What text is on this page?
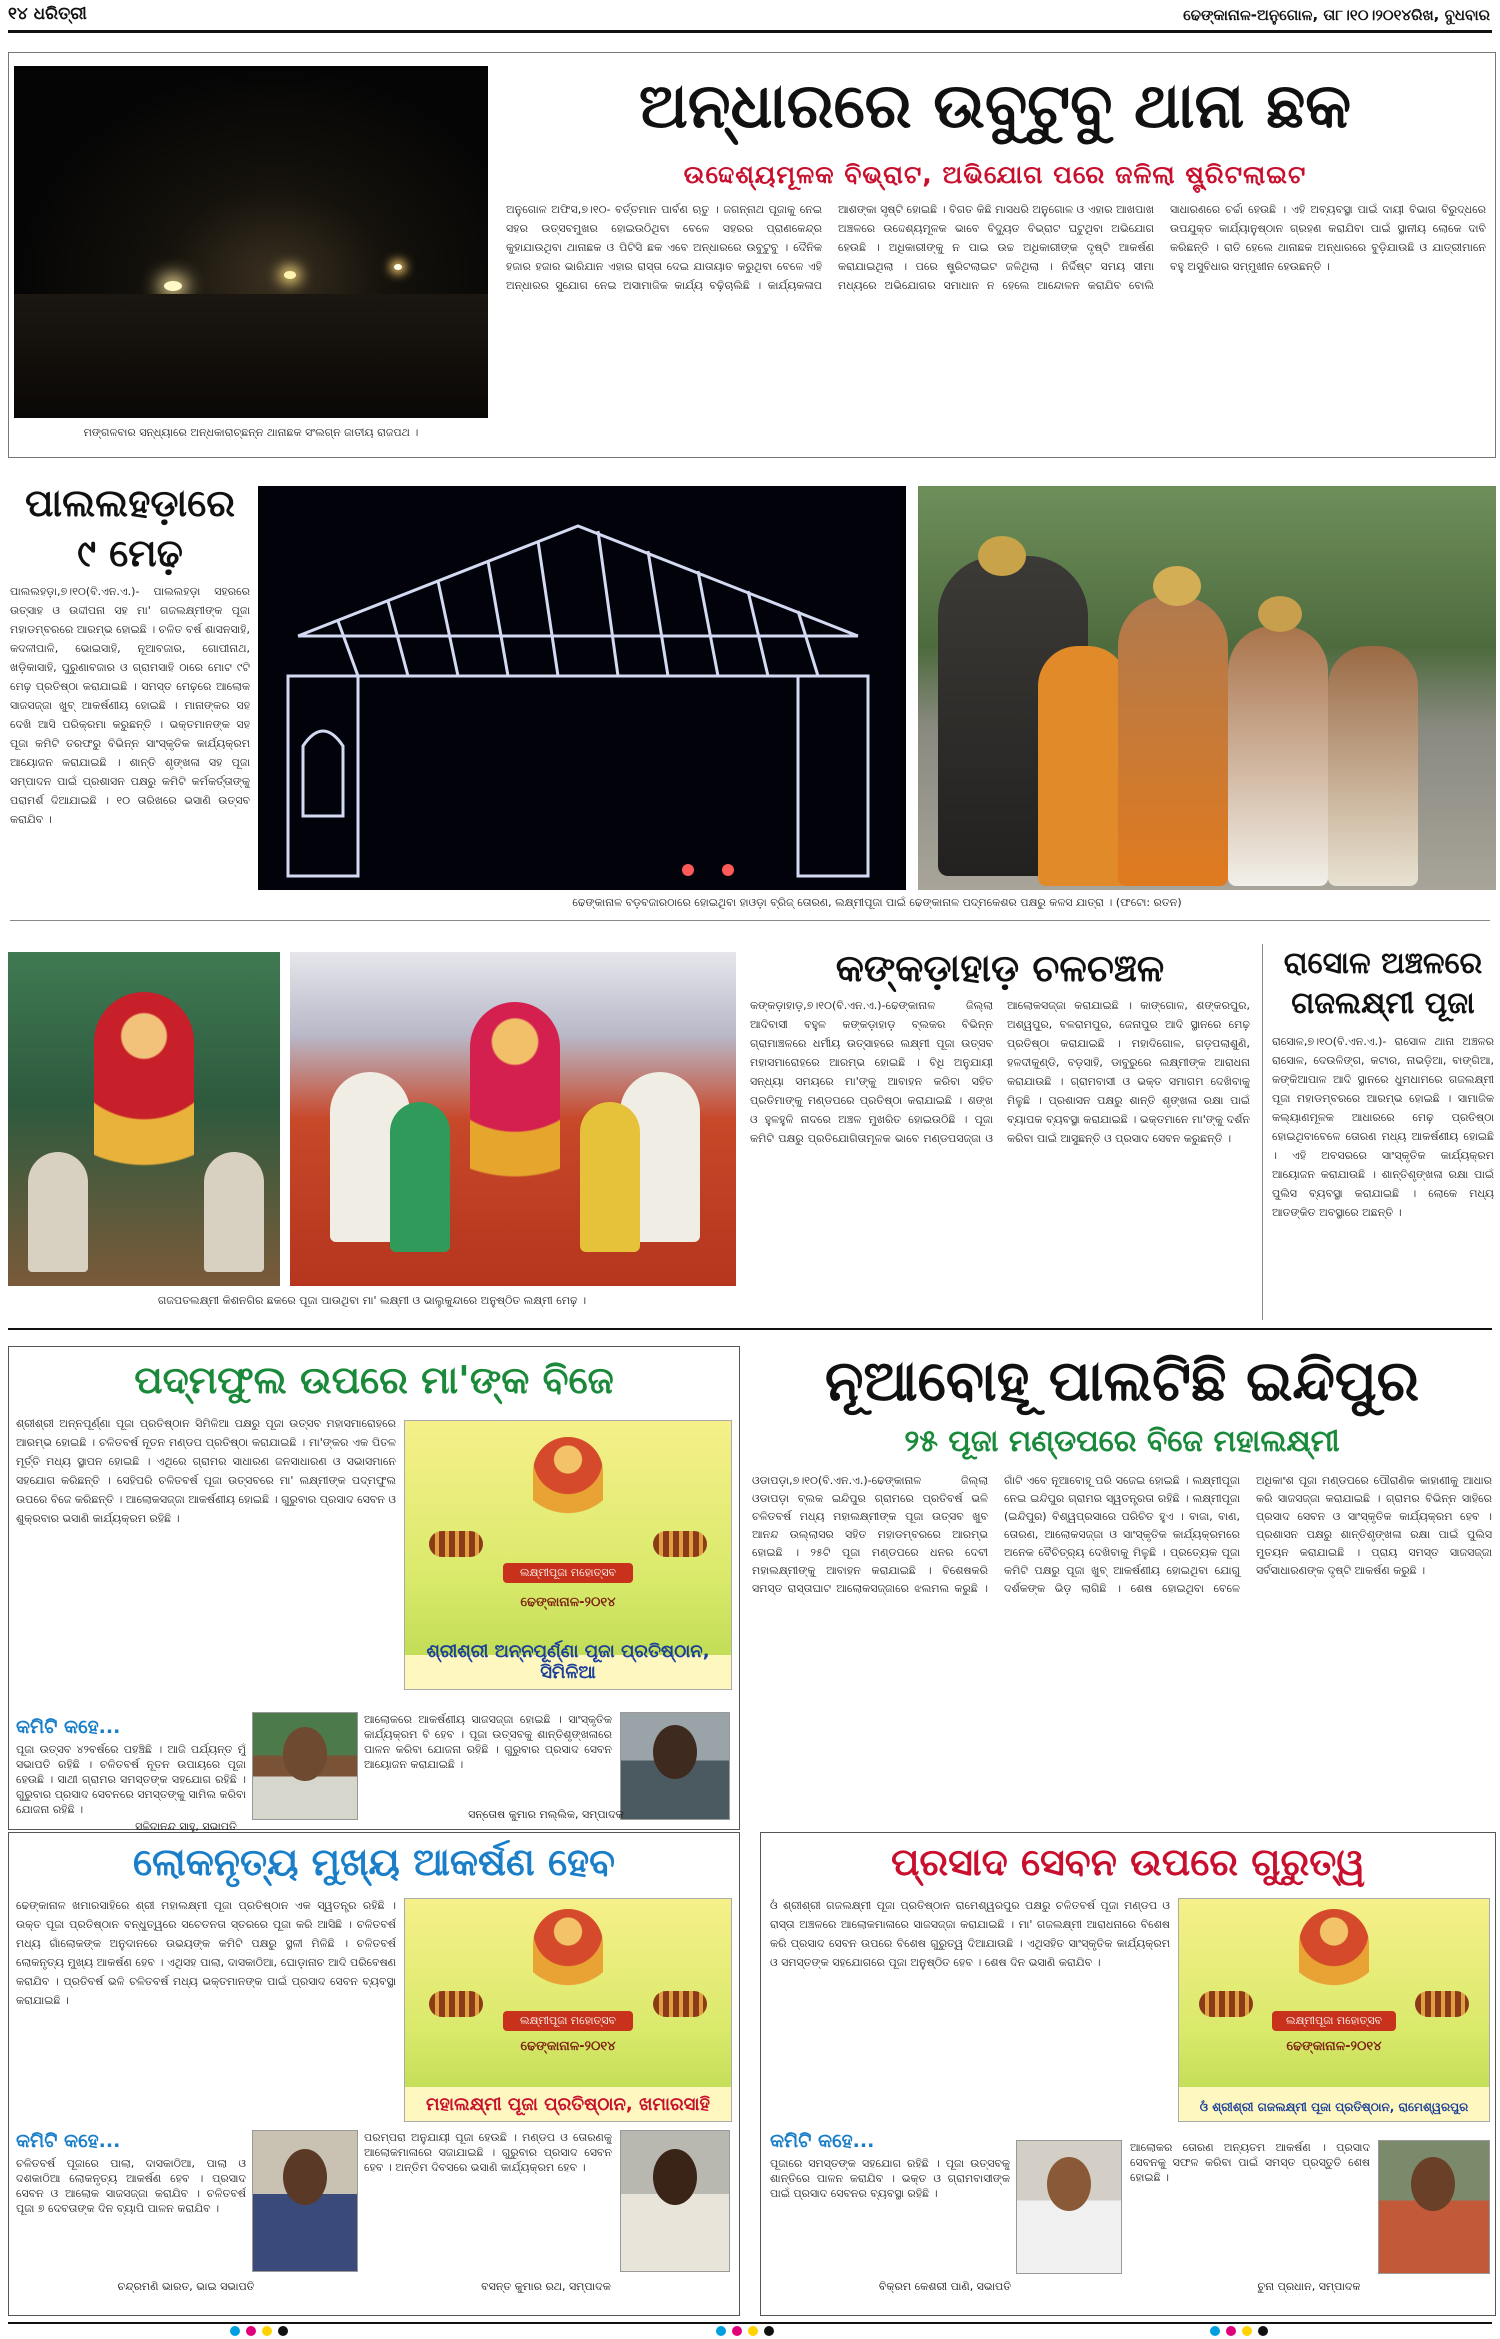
୧୪ ଧରିତ୍ରୀ	ଢେଙ୍କାନାଳ-ଅନୁଗୋଳ, ତା୮।୧୦।୨୦୧୪ରିଖ, ବୁଧବାର
ମଙ୍ଗଳବାର ସନ୍ଧ୍ୟାରେ ଅନ୍ଧକାରାଚ୍ଛନ୍ନ ଥାନାଛକ ସଂଲଗ୍ନ ଜାତୀୟ ରାଜପଥ ।
ଅନ୍ଧାରରେ ଉବୁଟୁବୁ ଥାନା ଛକ
ଉଦ୍ଦେଶ୍ୟମୂଳକ ବିଭ୍ରାଟ, ଅଭିଯୋଗ ପରେ ଜଳିଲା ଷ୍ଟ୍ରିଟଲାଇଟ
ଅନୁଗୋଳ ଅଫିସ,୭।୧୦- ବର୍ତ୍ତମାନ ପାର୍ବଣ ଋତୁ । ଜଗନ୍ନାଥ ପୂଜାକୁ ନେଇ ସହର ଉତ୍ସବମୁଖର ହୋଇଉଠିଥିବା ବେଳେ ସହରର ପ୍ରାଣକେନ୍ଦ୍ର କୁହାଯାଉଥିବା ଥାନାଛକ ଓ ପିଟିସି ଛକ ଏବେ ଅନ୍ଧାରରେ ଉବୁଟୁବୁ । ଦୈନିକ ହଜାର ହଜାର ଭାରିଯାନ ଏହାର ରାସ୍ତା ଦେଇ ଯାତାୟାତ କରୁଥିବା ବେଳେ ଏହି ଅନ୍ଧାରର ସୁଯୋଗ ନେଇ ଅସାମାଜିକ କାର୍ଯ୍ୟ ବଢ଼ିଚାଲିଛି । କାର୍ଯ୍ୟକଳାପ ଆଶଙ୍କା ସୃଷ୍ଟି ହୋଇଛି । ବିଗତ କିଛି ମାସଧରି ଅନୁଗୋଳ ଓ ଏହାର ଆଖପାଖ ଅଞ୍ଚଳରେ ଉଦ୍ଦେଶ୍ୟମୂଳକ ଭାବେ ବିଦ୍ୟୁତ ବିଭ୍ରାଟ ଘଟୁଥିବା ଅଭିଯୋଗ ହେଉଛି । ଅଧିକାରୀଙ୍କୁ ନ ପାଇ ଉଚ୍ଚ ଅଧିକାରୀଙ୍କ ଦୃଷ୍ଟି ଆକର୍ଷଣ କରାଯାଇଥିଲା । ପରେ ଷ୍ଟ୍ରିଟଲାଇଟ ଜଳିଥିଲା । ନିର୍ଦ୍ଦିଷ୍ଟ ସମୟ ସୀମା ମଧ୍ୟରେ ଅଭିଯୋଗର ସମାଧାନ ନ ହେଲେ ଆନ୍ଦୋଳନ କରାଯିବ ବୋଲି ସାଧାରଣରେ ଚର୍ଚ୍ଚା ହେଉଛି । ଏହି ଅବ୍ୟବସ୍ଥା ପାଇଁ ଦାୟୀ ବିଭାଗ ବିରୁଦ୍ଧରେ ଉପଯୁକ୍ତ କାର୍ଯ୍ୟାନୁଷ୍ଠାନ ଗ୍ରହଣ କରାଯିବା ପାଇଁ ସ୍ଥାନୀୟ ଲୋକେ ଦାବି କରିଛନ୍ତି । ରାତି ହେଲେ ଥାନାଛକ ଅନ୍ଧାରରେ ବୁଡ଼ିଯାଉଛି ଓ ଯାତ୍ରୀମାନେ ବହୁ ଅସୁବିଧାର ସମ୍ମୁଖୀନ ହେଉଛନ୍ତି ।
ପାଲଲହଡ଼ାରେ ୯ ମେଢ଼
ପାଲଲହଡ଼ା,୭।୧୦(ବି.ଏନ.ଏ.)- ପାଲଲହଡ଼ା ସହରରେ ଉତ୍ସାହ ଓ ଉଦ୍ଦୀପନା ସହ ମା' ଗଜଲକ୍ଷ୍ମୀଙ୍କ ପୂଜା ମହାଡମ୍ବରରେ ଆରମ୍ଭ ହୋଇଛି । ଚଳିତ ବର୍ଷ ଶାସନସାହି, କଦଳୀପାଳି, ଭୋଇସାହି, ନୂଆବଜାର, ଗୋପୀନାଥ, ଖଡ଼ିକାସାହି, ପୁରୁଣାବଜାର ଓ ଗ୍ରାମସାହି ଠାରେ ମୋଟ ୯ଟି ମେଢ଼ ପ୍ରତିଷ୍ଠା କରାଯାଇଛି । ସମସ୍ତ ମେଢ଼ରେ ଆଲୋକ ସାଜସଜ୍ଜା ଖୁବ୍ ଆକର୍ଷଣୀୟ ହୋଇଛି । ମାନାଙ୍କର ସହ ଦେଖି ଆସି ପରିକ୍ରମା କରୁଛନ୍ତି । ଭକ୍ତମାନଙ୍କ ସହ ପୂଜା କମିଟି ତରଫରୁ ବିଭିନ୍ନ ସାଂସ୍କୃତିକ କାର୍ଯ୍ୟକ୍ରମ ଆୟୋଜନ କରାଯାଇଛି । ଶାନ୍ତି ଶୃଙ୍ଖଳା ସହ ପୂଜା ସମ୍ପାଦନ ପାଇଁ ପ୍ରଶାସନ ପକ୍ଷରୁ କମିଟି କର୍ମକର୍ତ୍ତାଙ୍କୁ ପରାମର୍ଶ ଦିଆଯାଇଛି । ୧୦ ତାରିଖରେ ଭସାଣି ଉତ୍ସବ କରାଯିବ ।
ଢେଙ୍କାନାଳ ବଡ଼ବଜାରଠାରେ ହୋଇଥିବା ହାଓଡ଼ା ବ୍ରିଜ୍ ତୋରଣ, ଲକ୍ଷ୍ମୀପୂଜା ପାଇଁ ଢେଙ୍କାନାଳ ପଦ୍ମକେଶର ପକ୍ଷରୁ କଳସ ଯାତ୍ରା । (ଫଟୋ: ରତନ)
ଗଜପତଲକ୍ଷ୍ମୀ କିଶନଗିର ଛକରେ ପୂଜା ପାଉଥିବା ମା' ଲକ୍ଷ୍ମୀ ଓ ଭାଲୁକୁନ୍ଦାରେ ଅନୁଷ୍ଠିତ ଲକ୍ଷ୍ମୀ ମେଢ଼ ।
କଙ୍କଡ଼ାହାଡ଼ ଚଳଚଞ୍ଚଳ
କଙ୍କଡ଼ାହାଡ଼,୭।୧୦(ବି.ଏନ.ଏ.)-ଢେଙ୍କାନାଳ ଜିଲ୍ଲା ଆଦିବାସୀ ବହୁଳ କଙ୍କଡ଼ାହାଡ଼ ବ୍ଲକର ବିଭିନ୍ନ ଗ୍ରାମାଞ୍ଚଳରେ ଧର୍ମୀୟ ଉତ୍ସାହରେ ଲକ୍ଷ୍ମୀ ପୂଜା ଉତ୍ସବ ମହାସମାରୋହରେ ଆରମ୍ଭ ହୋଇଛି । ବିଧି ଅନୁଯାୟୀ ସନ୍ଧ୍ୟା ସମୟରେ ମା'ଙ୍କୁ ଆବାହନ କରିବା ସହିତ ପ୍ରତିମାଙ୍କୁ ମଣ୍ଡପରେ ପ୍ରତିଷ୍ଠା କରାଯାଇଛି । ଶଙ୍ଖ ଓ ହୁଳହୁଳି ନାଦରେ ଅଞ୍ଚଳ ମୁଖରିତ ହୋଇଉଠିଛି । ପୂଜା କମିଟି ପକ୍ଷରୁ ପ୍ରତିଯୋଗିତାମୂଳକ ଭାବେ ମଣ୍ଡପସଜ୍ଜା ଓ ଆଲୋକସଜ୍ଜା କରାଯାଇଛି । କାଙ୍ଗୋଳ, ଶଙ୍କରପୁର, ଅଶ୍ୱପୁର, ବଳରାମପୁର, ଜେନାପୁର ଆଦି ସ୍ଥାନରେ ମେଢ଼ ପ୍ରତିଷ୍ଠା କରାଯାଇଛି । ମହାଦିଗୋଳ, ଗଡ଼ପଲାଶୁଣି, ହଳଦୀକୁଣ୍ଡି, ବଡ଼ସାହି, ଡାବୁରୁରେ ଲକ୍ଷ୍ମୀଙ୍କ ଆରାଧନା କରାଯାଉଛି । ଗ୍ରାମବାସୀ ଓ ଭକ୍ତ ସମାଗମ ଦେଖିବାକୁ ମିଳୁଛି । ପ୍ରଶାସନ ପକ୍ଷରୁ ଶାନ୍ତି ଶୃଙ୍ଖଳା ରକ୍ଷା ପାଇଁ ବ୍ୟାପକ ବ୍ୟବସ୍ଥା କରାଯାଇଛି । ଭକ୍ତମାନେ ମା'ଙ୍କୁ ଦର୍ଶନ କରିବା ପାଇଁ ଆସୁଛନ୍ତି ଓ ପ୍ରସାଦ ସେବନ କରୁଛନ୍ତି ।
ରାସୋଳ ଅଞ୍ଚଳରେ ଗଜଲକ୍ଷ୍ମୀ ପୂଜା
ରାସୋଳ,୭।୧୦(ବି.ଏନ.ଏ.)- ରାସୋଳ ଥାନା ଅଞ୍ଚଳର ରାସୋଳ, ଦେଉଳିଙ୍ଗ, କଟାର, ନାଭଡ଼ିଆ, ବାଙ୍ଗିଆ, କଙ୍କିଆପାଳ ଆଦି ସ୍ଥାନରେ ଧୁମଧାମରେ ଗଜଲକ୍ଷ୍ମୀ ପୂଜା ମହାଡମ୍ବରରେ ଆରମ୍ଭ ହୋଇଛି । ସାମାଜିକ କଲ୍ୟାଣମୂଳକ ଆଧାରରେ ମେଢ଼ ପ୍ରତିଷ୍ଠା ହୋଇଥିବାବେଳେ ତୋରଣ ମଧ୍ୟ ଆକର୍ଷଣୀୟ ହୋଇଛି । ଏହି ଅବସରରେ ସାଂସ୍କୃତିକ କାର୍ଯ୍ୟକ୍ରମ ଆୟୋଜନ କରାଯାଉଛି । ଶାନ୍ତିଶୃଙ୍ଖଳା ରକ୍ଷା ପାଇଁ ପୁଲିସ ବ୍ୟବସ୍ଥା କରାଯାଇଛି । ଲୋକେ ମଧ୍ୟ ଆତଙ୍କିତ ଅବସ୍ଥାରେ ଅଛନ୍ତି ।
ପଦ୍ମଫୁଲ ଉପରେ ମା'ଙ୍କ ବିଜେ
ଶ୍ରୀଶ୍ରୀ ଅନ୍ନପୂର୍ଣ୍ଣା ପୂଜା ପ୍ରତିଷ୍ଠାନ ସିମିଳିଆ ପକ୍ଷରୁ ପୂଜା ଉତ୍ସବ ମହାସମାରୋହରେ ଆରମ୍ଭ ହୋଇଛି । ଚଳିତବର୍ଷ ନୂତନ ମଣ୍ଡପ ପ୍ରତିଷ୍ଠା କରାଯାଇଛି । ମା'ଙ୍କର ଏକ ପିତଳ ମୂର୍ତ୍ତି ମଧ୍ୟ ସ୍ଥାପନ ହୋଇଛି । ଏଥିରେ ଗ୍ରାମର ସାଧାରଣ ଜନସାଧାରଣ ଓ ସଭାସମାନେ ସହଯୋଗ କରିଛନ୍ତି । ସେହିପରି ଚଳିତବର୍ଷ ପୂଜା ଉତ୍ସବରେ ମା' ଲକ୍ଷ୍ମୀଙ୍କ ପଦ୍ମଫୁଲ ଉପରେ ବିଜେ କରିଛନ୍ତି । ଆଲୋକସଜ୍ଜା ଆକର୍ଷଣୀୟ ହୋଇଛି । ଗୁରୁବାର ପ୍ରସାଦ ସେବନ ଓ ଶୁକ୍ରବାର ଭସାଣି କାର୍ଯ୍ୟକ୍ରମ ରହିଛି ।
ଲକ୍ଷ୍ମୀପୂଜା ମହୋତ୍ସବ
ଢେଙ୍କାନାଳ-୨୦୧୪
ଶ୍ରୀଶ୍ରୀ ଅନ୍ନପୂର୍ଣ୍ଣା ପୂଜା ପ୍ରତିଷ୍ଠାନ, ସିମିଳିଆ
କମିଟି କହେ...
ପୂଜା ଉତ୍ସବ ୪୨ବର୍ଷରେ ପହଞ୍ଚିଛି । ଆଜି ପର୍ଯ୍ୟନ୍ତ ମୁଁ ସଭାପତି ରହିଛି । ଚଳିତବର୍ଷ ନୂତନ ଉପାୟରେ ପୂଜା ହେଉଛି । ସାଥୀ ଗ୍ରାମର ସମସ୍ତଙ୍କ ସହଯୋଗ ରହିଛି । ଗୁରୁବାର ପ୍ରସାଦ ସେବନରେ ସମସ୍ତଙ୍କୁ ସାମିଲ କରିବା ଯୋଜନା ରହିଛି ।
ଆଲୋକରେ ଆକର୍ଷଣୀୟ ସାଜସଜ୍ଜା ହୋଇଛି । ସାଂସ୍କୃତିକ କାର୍ଯ୍ୟକ୍ରମ ବି ହେବ । ପୂଜା ଉତ୍ସବକୁ ଶାନ୍ତିଶୃଙ୍ଖଳାରେ ପାଳନ କରିବା ଯୋଜନା ରହିଛି । ଗୁରୁବାର ପ୍ରସାଦ ସେବନ ଆୟୋଜନ କରାଯାଇଛି ।
ସଚ୍ଚିଦାନନ୍ଦ ସାହୁ, ସଭାପତି
ସନ୍ତୋଷ କୁମାର ମଲ୍ଲିକ, ସମ୍ପାଦକ
ନୂଆବୋହୂ ପାଲଟିଛି ଇନ୍ଦିପୁର
୨୫ ପୂଜା ମଣ୍ଡପରେ ବିଜେ ମହାଲକ୍ଷ୍ମୀ
ଓଡାପଡ଼ା,୭।୧୦(ବି.ଏନ.ଏ.)-ଢେଙ୍କାନାଳ ଜିଲ୍ଲା ଓଡାପଡ଼ା ବ୍ଲକ ଇନ୍ଦିପୁର ଗ୍ରାମରେ ପ୍ରତିବର୍ଷ ଭଳି ଚଳିତବର୍ଷ ମଧ୍ୟ ମହାଲକ୍ଷ୍ମୀଙ୍କ ପୂଜା ଉତ୍ସବ ଖୁବ ଆନନ୍ଦ ଉଲ୍ଲାସର ସହିତ ମହାଡମ୍ବରରେ ଆରମ୍ଭ ହୋଇଛି । ୨୫ଟି ପୂଜା ମଣ୍ଡପରେ ଧନର ଦେବୀ ମହାଲକ୍ଷ୍ମୀଙ୍କୁ ଆବାହନ କରାଯାଇଛି । ବିଶେଷକରି ସମସ୍ତ ରାସ୍ତାଘାଟ ଆଲୋକସଜ୍ଜାରେ ଝଲମଲ କରୁଛି । ଗାଁଟି ଏବେ ନୂଆବୋହୂ ପରି ସଜେଇ ହୋଇଛି । ଲକ୍ଷ୍ମୀପୂଜା ନେଇ ଇନ୍ଦିପୁର ଗ୍ରାମର ସ୍ୱତନ୍ତ୍ରତା ରହିଛି । ଲକ୍ଷ୍ମୀପୂଜା (ଇନ୍ଦିପୁର) ବିଶ୍ୱପ୍ରସାରେ ପରିଚିତ ହୁଏ । ବାଜା, ବାଣ, ତୋରଣ, ଆଲୋକସଜ୍ଜା ଓ ସାଂସ୍କୃତିକ କାର୍ଯ୍ୟକ୍ରମରେ ଅନେକ ବୈଚିତ୍ର୍ୟ ଦେଖିବାକୁ ମିଳୁଛି । ପ୍ରତ୍ୟେକ ପୂଜା କମିଟି ପକ୍ଷରୁ ପୂଜା ଖୁବ୍ ଆକର୍ଷଣୀୟ ହୋଇଥିବା ଯୋଗୁ ଦର୍ଶକଙ୍କ ଭିଡ଼ ଲାଗିଛି । ଶେଷ ହୋଇଥିବା ବେଳେ ଅଧିକାଂଶ ପୂଜା ମଣ୍ଡପରେ ପୌରାଣିକ କାହାଣୀକୁ ଆଧାର କରି ସାଜସଜ୍ଜା କରାଯାଇଛି । ଗ୍ରାମର ବିଭିନ୍ନ ସାହିରେ ପ୍ରସାଦ ସେବନ ଓ ସାଂସ୍କୃତିକ କାର୍ଯ୍ୟକ୍ରମ ହେବ । ପ୍ରଶାସନ ପକ୍ଷରୁ ଶାନ୍ତିଶୃଙ୍ଖଳା ରକ୍ଷା ପାଇଁ ପୁଲିସ ମୁତୟନ କରାଯାଇଛି । ପ୍ରାୟ ସମସ୍ତ ସାଜସଜ୍ଜା ସର୍ବସାଧାରଣଙ୍କ ଦୃଷ୍ଟି ଆକର୍ଷଣ କରୁଛି ।
ଲୋକନୃତ୍ୟ ମୁଖ୍ୟ ଆକର୍ଷଣ ହେବ
ଢେଙ୍କାନାଳ ଖମାରସାହିରେ ଶ୍ରୀ ମହାଲକ୍ଷ୍ମୀ ପୂଜା ପ୍ରତିଷ୍ଠାନ ଏକ ସ୍ୱତନ୍ତ୍ର ରହିଛି । ଉକ୍ତ ପୂଜା ପ୍ରତିଷ୍ଠାନ ବନ୍ଧୁତ୍ୱରେ ସଚେତନତା ସ୍ତରରେ ପୂଜା କରି ଆସିଛି । ଚଳିତବର୍ଷ ମଧ୍ୟ ଗାଁଲୋକଙ୍କ ଅନୁଦାନରେ ଉଭୟଙ୍କ କମିଟି ପକ୍ଷରୁ ସ୍ଥଳୀ ମିଳିଛି । ଚଳିତବର୍ଷ ଲୋକନୃତ୍ୟ ମୁଖ୍ୟ ଆକର୍ଷଣ ହେବ । ଏଥିସହ ପାଲା, ଦାସକାଠିଆ, ଘୋଡ଼ାନାଚ ଆଦି ପରିବେଷଣ କରାଯିବ । ପ୍ରତିବର୍ଷ ଭଳି ଚଳିତବର୍ଷ ମଧ୍ୟ ଭକ୍ତମାନଙ୍କ ପାଇଁ ପ୍ରସାଦ ସେବନ ବ୍ୟବସ୍ଥା କରାଯାଇଛି ।
ଲକ୍ଷ୍ମୀପୂଜା ମହୋତ୍ସବ
ଢେଙ୍କାନାଳ-୨୦୧୪
ମହାଲକ୍ଷ୍ମୀ ପୂଜା ପ୍ରତିଷ୍ଠାନ, ଖମାରସାହି
କମିଟି କହେ...
ଚଳିତବର୍ଷ ପୂଜାରେ ପାଲା, ଦାସକାଠିଆ, ପାଲା ଓ ଦଶକାଠିଆ ଲୋକନୃତ୍ୟ ଆକର୍ଷଣ ହେବ । ପ୍ରସାଦ ସେବନ ଓ ଆଲୋକ ସାଜସଜ୍ଜା କରାଯିବ । ଚଳିତବର୍ଷ ପୂଜା ୭ ଦେବତାଙ୍କ ଦିନ ବ୍ୟାପି ପାଳନ କରାଯିବ ।
ପରମ୍ପରା ଅନୁଯାୟୀ ପୂଜା ହେଉଛି । ମଣ୍ଡପ ଓ ତୋରଣକୁ ଆଲୋକମାଳାରେ ସଜାଯାଇଛି । ଗୁରୁବାର ପ୍ରସାଦ ସେବନ ହେବ । ଅନ୍ତିମ ଦିବସରେ ଭସାଣି କାର୍ଯ୍ୟକ୍ରମ ହେବ ।
ଚନ୍ଦ୍ରମଣି ଭାରତ, ଭାଇ ସଭାପତି	ବସନ୍ତ କୁମାର ରଥ, ସମ୍ପାଦକ
ପ୍ରସାଦ ସେବନ ଉପରେ ଗୁରୁତ୍ୱ
ଓଁ ଶ୍ରୀଶ୍ରୀ ଗଜଲକ୍ଷ୍ମୀ ପୂଜା ପ୍ରତିଷ୍ଠାନ ରାମେଶ୍ୱରପୁର ପକ୍ଷରୁ ଚଳିତବର୍ଷ ପୂଜା ମଣ୍ଡପ ଓ ରାସ୍ତା ଅଞ୍ଚଳରେ ଆଲୋକମାଳାରେ ସାଜସଜ୍ଜା କରାଯାଇଛି । ମା' ଗଜଲକ୍ଷ୍ମୀ ଆରାଧନାରେ ବିଶେଷ କରି ପ୍ରସାଦ ସେବନ ଉପରେ ବିଶେଷ ଗୁରୁତ୍ୱ ଦିଆଯାଉଛି । ଏଥିସହିତ ସାଂସ୍କୃତିକ କାର୍ଯ୍ୟକ୍ରମ ଓ ସମସ୍ତଙ୍କ ସହଯୋଗରେ ପୂଜା ଅନୁଷ୍ଠିତ ହେବ । ଶେଷ ଦିନ ଭସାଣି କରାଯିବ ।
ଲକ୍ଷ୍ମୀପୂଜା ମହୋତ୍ସବ
ଢେଙ୍କାନାଳ-୨୦୧୪
ଓଁ ଶ୍ରୀଶ୍ରୀ ଗଜଲକ୍ଷ୍ମୀ ପୂଜା ପ୍ରତିଷ୍ଠାନ, ରାମେଶ୍ୱରପୁର
କମିଟି କହେ...
ପୂଜାରେ ସମସ୍ତଙ୍କ ସହଯୋଗ ରହିଛି । ପୂଜା ଉତ୍ସବକୁ ଶାନ୍ତିରେ ପାଳନ କରାଯିବ । ଭକ୍ତ ଓ ଗ୍ରାମବାସୀଙ୍କ ପାଇଁ ପ୍ରସାଦ ସେବନର ବ୍ୟବସ୍ଥା ରହିଛି ।
ଆଲୋକର ତୋରଣ ଅନ୍ୟତମ ଆକର୍ଷଣ । ପ୍ରସାଦ ସେବନକୁ ସଫଳ କରିବା ପାଇଁ ସମସ୍ତ ପ୍ରସ୍ତୁତି ଶେଷ ହୋଇଛି ।
ବିକ୍ରମ କେଶରୀ ପାଣି, ସଭାପତି	ଚୁନା ପ୍ରଧାନ, ସମ୍ପାଦକ
